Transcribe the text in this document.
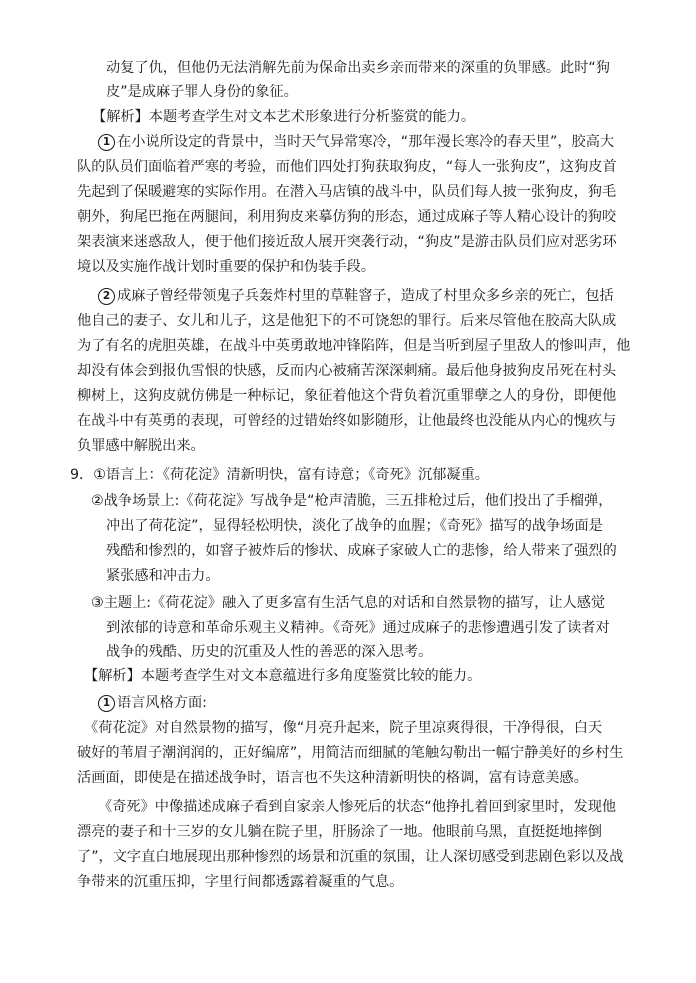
动复了仇，但他仍无法消解先前为保命出卖乡亲而带来的深重的负罪感。此时“狗
皮”是成麻子罪人身份的象征。
【解析】本题考查学生对文本艺术形象进行分析鉴赏的能力。
1 在小说所设定的背景中，当时天气异常寒冷，“那年漫长寒冷的春天里”，胶高大
队的队员们面临着严寒的考验，而他们四处打狗获取狗皮，“每人一张狗皮”，这狗皮首
先起到了保暖避寒的实际作用。在潜入马店镇的战斗中，队员们每人披一张狗皮，狗毛
朝外，狗尾巴拖在两腿间，利用狗皮来摹仿狗的形态，通过成麻子等人精心设计的狗咬
架表演来迷惑敌人，便于他们接近敌人展开突袭行动，“狗皮”是游击队员们应对恶劣环
境以及实施作战计划时重要的保护和伪装手段。
2 成麻子曾经带领鬼子兵轰炸村里的草鞋窨子，造成了村里众多乡亲的死亡，包括
他自己的妻子、女儿和儿子，这是他犯下的不可饶恕的罪行。后来尽管他在胶高大队成
为了有名的虎胆英雄，在战斗中英勇敢地冲锋陷阵，但是当听到屋子里敌人的惨叫声，他
却没有体会到报仇雪恨的快感，反而内心被痛苦深深刺痛。最后他身披狗皮吊死在村头
柳树上，这狗皮就仿佛是一种标记，象征着他这个背负着沉重罪孽之人的身份，即便他
在战斗中有英勇的表现，可曾经的过错始终如影随形，让他最终也没能从内心的愧疚与
负罪感中解脱出来。
9．①语言上：《荷花淀》清新明快，富有诗意；《奇死》沉郁凝重。
②战争场景上:《荷花淀》写战争是“枪声清脆，三五排枪过后，他们投出了手榴弹，
冲出了荷花淀”，显得轻松明快，淡化了战争的血腥；《奇死》描写的战争场面是
残酷和惨烈的，如窨子被炸后的惨状、成麻子家破人亡的悲惨，给人带来了强烈的
紧张感和冲击力。
③主题上:《荷花淀》融入了更多富有生活气息的对话和自然景物的描写，让人感觉
到浓郁的诗意和革命乐观主义精神。《奇死》通过成麻子的悲惨遭遇引发了读者对
战争的残酷、历史的沉重及人性的善恶的深入思考。
【解析】本题考查学生对文本意蕴进行多角度鉴赏比较的能力。
1 语言风格方面:
《荷花淀》对自然景物的描写，像“月亮升起来，院子里凉爽得很，干净得很，白天
破好的苇眉子潮润润的，正好编席”，用简洁而细腻的笔触勾勒出一幅宁静美好的乡村生
活画面，即使是在描述战争时，语言也不失这种清新明快的格调，富有诗意美感。
《奇死》中像描述成麻子看到自家亲人惨死后的状态“他挣扎着回到家里时，发现他
漂亮的妻子和十三岁的女儿躺在院子里，肝肠涂了一地。他眼前乌黑，直挺挺地摔倒
了”，文字直白地展现出那种惨烈的场景和沉重的氛围，让人深切感受到悲剧色彩以及战
争带来的沉重压抑，字里行间都透露着凝重的气息。
